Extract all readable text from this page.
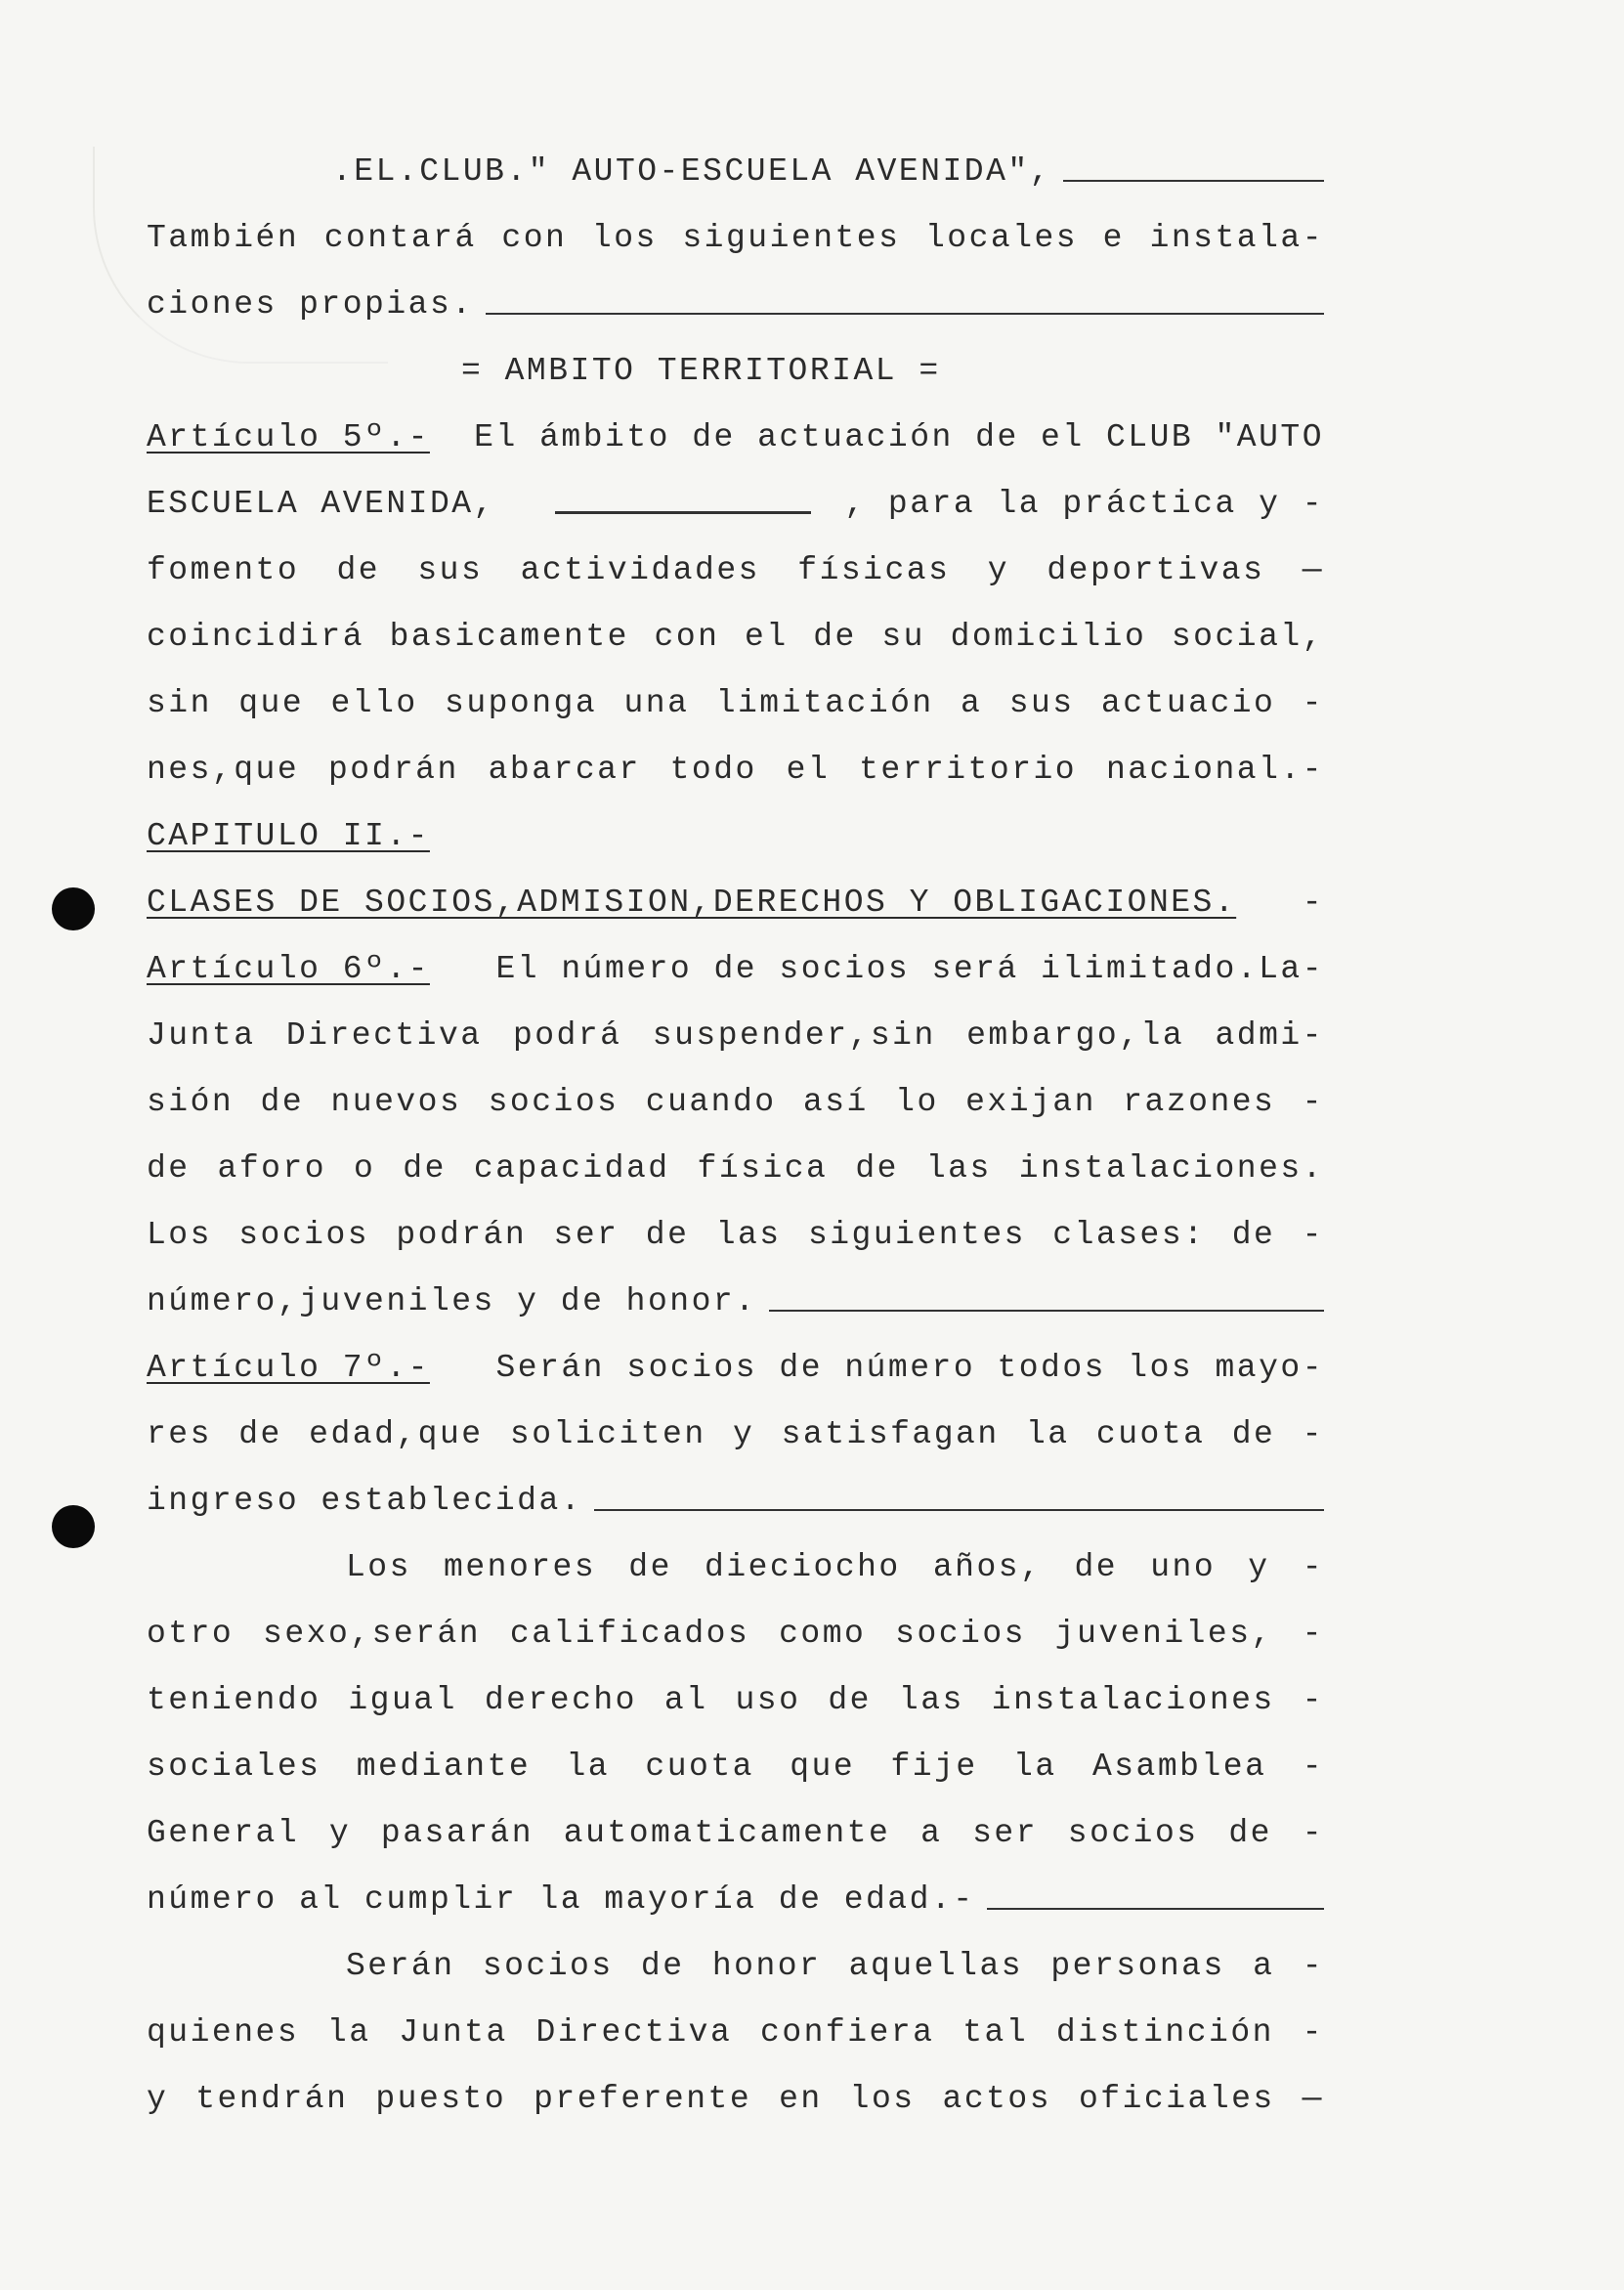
.EL.CLUB." AUTO-ESCUELA AVENIDA",
También contará con los siguientes locales e instala-
ciones propias.
= AMBITO TERRITORIAL =
Artículo 5º.- El ámbito de actuación de el CLUB "AUTO
ESCUELA AVENIDA,	, para la práctica y -
fomento de sus actividades físicas y deportivas —
coincidirá basicamente con el de su domicilio social,
sin que ello suponga una limitación a sus actuacio -
nes,que podrán abarcar todo el territorio nacional.-
CAPITULO II.-
CLASES DE SOCIOS,ADMISION,DERECHOS Y OBLIGACIONES. -
Artículo 6º.- El número de socios será ilimitado.La-
Junta Directiva podrá suspender,sin embargo,la admi-
sión de nuevos socios cuando así lo exijan razones -
de aforo o de capacidad física de las instalaciones.
Los socios podrán ser de las siguientes clases: de -
número,juveniles y de honor.
Artículo 7º.- Serán socios de número todos los mayo-
res de edad,que soliciten y satisfagan la cuota de -
ingreso establecida.
Los menores de dieciocho años, de uno y -
otro sexo,serán calificados como socios juveniles, -
teniendo igual derecho al uso de las instalaciones -
sociales mediante la cuota que fije la Asamblea -
General y pasarán automaticamente a ser socios de -
número al cumplir la mayoría de edad.-
Serán socios de honor aquellas personas a -
quienes la Junta Directiva confiera tal distinción -
y tendrán puesto preferente en los actos oficiales —
